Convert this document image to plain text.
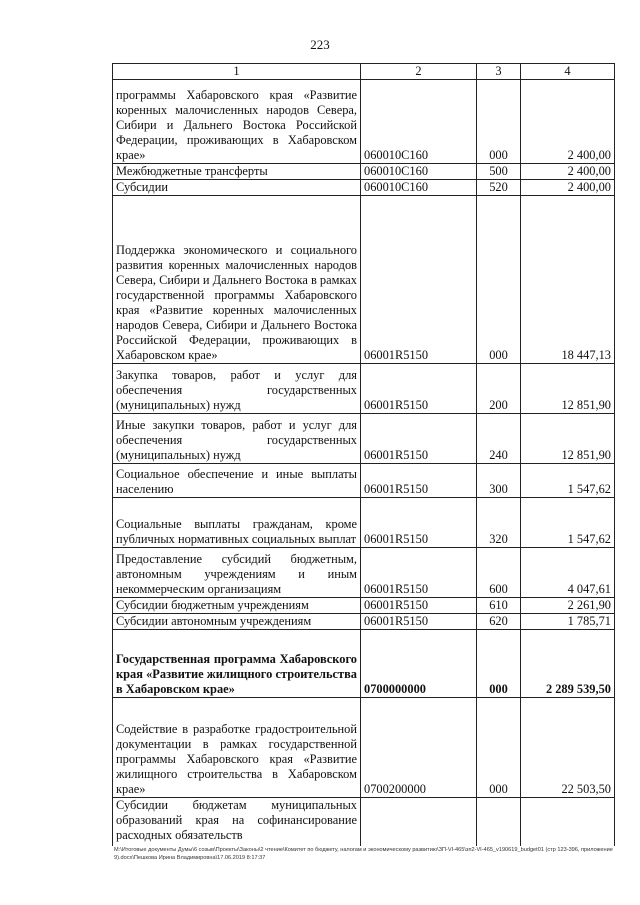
223
1	2	3	4
программы Хабаровского края «Развитие коренных малочисленных народов Севера, Сибири и Дальнего Востока Российской Федерации, проживающих в Хабаровском крае»	060010С160	000	2 400,00
Межбюджетные трансферты	060010С160	500	2 400,00
Субсидии	060010С160	520	2 400,00
Поддержка экономического и социального развития коренных малочисленных народов Севера, Сибири и Дальнего Востока в рамках государственной программы Хабаровского края «Развитие коренных малочисленных народов Севера, Сибири и Дальнего Востока Российской Федерации, проживающих в Хабаровском крае»	06001R5150	000	18 447,13
Закупка товаров, работ и услуг для обеспечения государственных (муниципальных) нужд	06001R5150	200	12 851,90
Иные закупки товаров, работ и услуг для обеспечения государственных (муниципальных) нужд	06001R5150	240	12 851,90
Социальное обеспечение и иные выплаты населению	06001R5150	300	1 547,62
Социальные выплаты гражданам, кроме публичных нормативных социальных выплат	06001R5150	320	1 547,62
Предоставление субсидий бюджетным, автономным учреждениям и иным некоммерческим организациям	06001R5150	600	4 047,61
Субсидии бюджетным учреждениям	06001R5150	610	2 261,90
Субсидии автономным учреждениям	06001R5150	620	1 785,71
Государственная программа Хабаровского края «Развитие жилищного строительства в Хабаровском крае»	0700000000	000	2 289 539,50
Содействие в разработке градостроительной документации в рамках государственной программы Хабаровского края «Развитие жилищного строительства в Хабаровском крае»	0700200000	000	22 503,50
Субсидии бюджетам муниципальных образований края на софинансирование расходных обязательств			
M:\Итоговые документы Думы\6 созыв\Проекты\Законы\2 чтение\Комитет по бюджету, налогам и экономическому развитию\ЗП-VI-465\зп2-VI-465_v190619_budget01 (стр 123-396, приложение 9).docx\Пешкова Ирина Владимировна\17.06.2019 8:17:37
